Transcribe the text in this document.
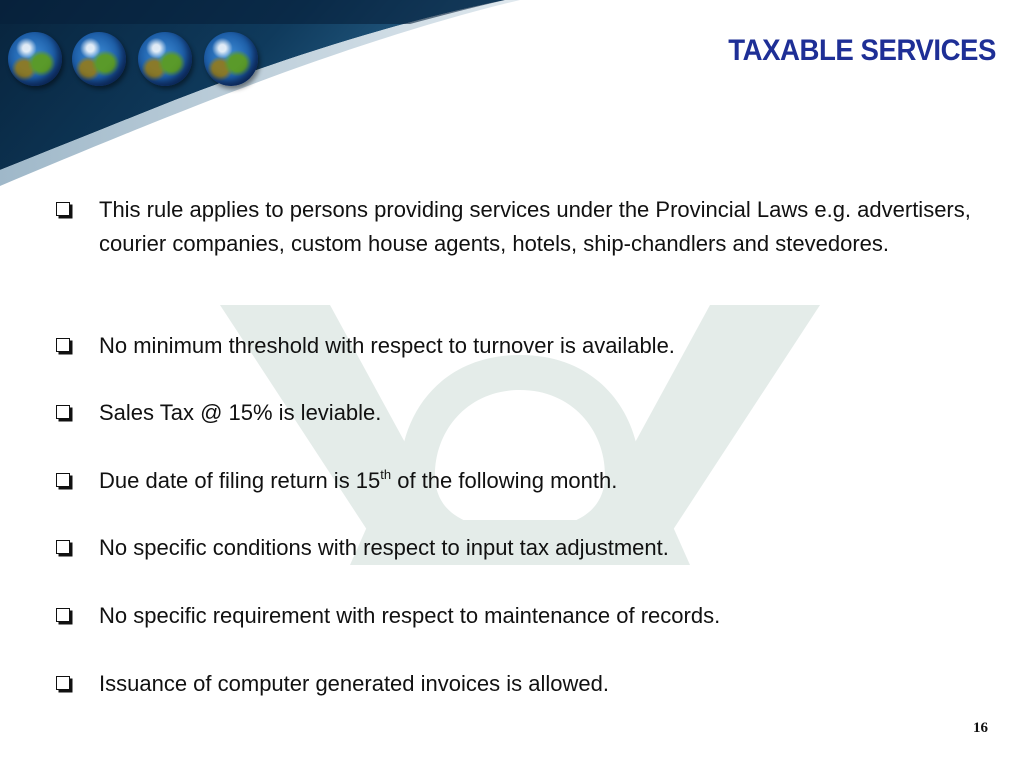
TAXABLE SERVICES
This rule applies to persons providing services under the Provincial Laws e.g. advertisers, courier companies, custom house agents, hotels, ship-chandlers and stevedores.
No minimum threshold with respect to turnover is available.
Sales Tax @ 15% is leviable.
Due date of filing return is 15th of the following month.
No specific conditions with respect to input tax adjustment.
No specific requirement with respect to maintenance of records.
Issuance of computer generated invoices is allowed.
16
